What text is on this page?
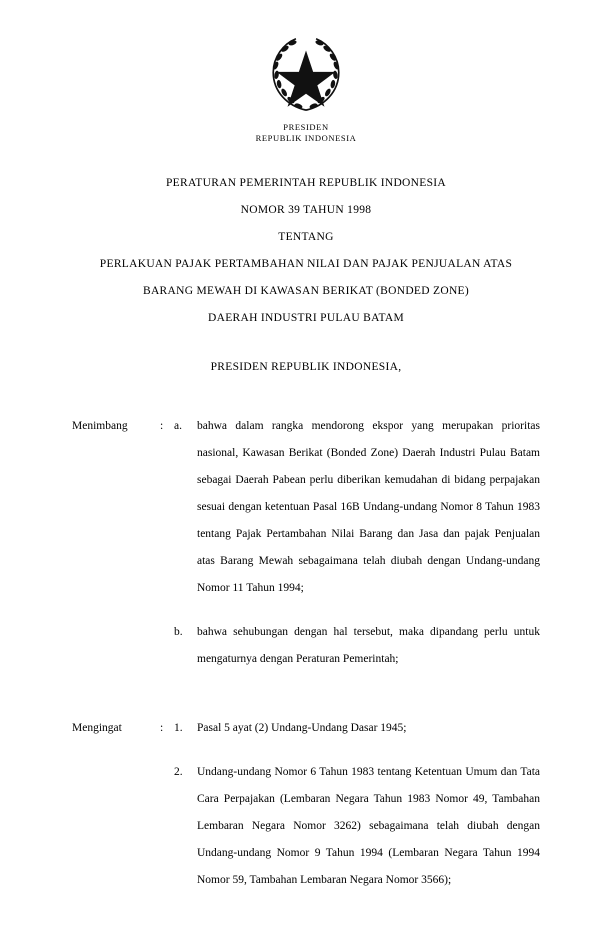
PRESIDEN
REPUBLIK INDONESIA
PERATURAN PEMERINTAH REPUBLIK INDONESIA
NOMOR 39 TAHUN 1998
TENTANG
PERLAKUAN PAJAK PERTAMBAHAN NILAI DAN PAJAK PENJUALAN ATAS
BARANG MEWAH DI KAWASAN BERIKAT (BONDED ZONE)
DAERAH INDUSTRI PULAU BATAM
PRESIDEN REPUBLIK INDONESIA,
Menimbang	: a.	bahwa dalam rangka mendorong ekspor yang merupakan prioritas nasional, Kawasan Berikat (Bonded Zone) Daerah Industri Pulau Batam sebagai Daerah Pabean perlu diberikan kemudahan di bidang perpajakan sesuai dengan ketentuan Pasal 16B Undang-undang Nomor 8 Tahun 1983 tentang Pajak Pertambahan Nilai Barang dan Jasa dan pajak Penjualan atas Barang Mewah sebagaimana telah diubah dengan Undang-undang Nomor 11 Tahun 1994;
b.	bahwa sehubungan dengan hal tersebut, maka dipandang perlu untuk mengaturnya dengan Peraturan Pemerintah;
Mengingat	: 1.	Pasal 5 ayat (2) Undang-Undang Dasar 1945;
2.	Undang-undang Nomor 6 Tahun 1983 tentang Ketentuan Umum dan Tata Cara Perpajakan (Lembaran Negara Tahun 1983 Nomor 49, Tambahan Lembaran Negara Nomor 3262) sebagaimana telah diubah dengan Undang-undang Nomor 9 Tahun 1994 (Lembaran Negara Tahun 1994 Nomor 59, Tambahan Lembaran Negara Nomor 3566);
